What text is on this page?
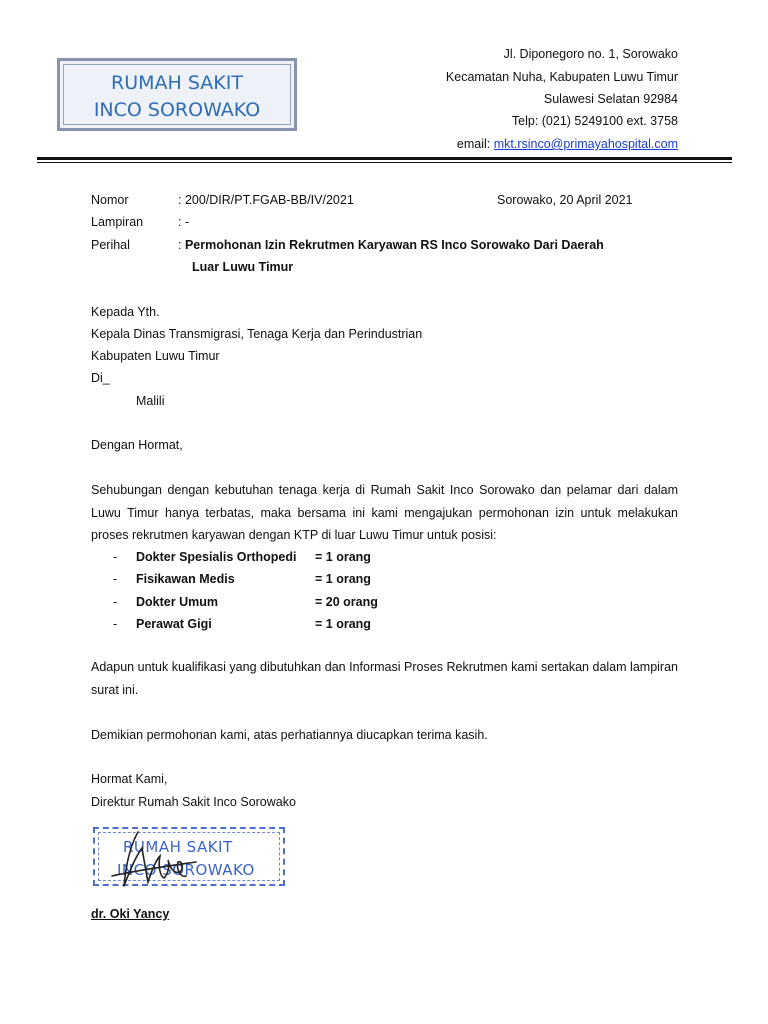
RUMAH SAKIT
INCO SOROWAKO
Jl. Diponegoro no. 1, Sorowako
Kecamatan Nuha, Kabupaten Luwu Timur
Sulawesi Selatan 92984
Telp: (021) 5249100 ext. 3758
email: mkt.rsinco@primayahospital.com
Nomor	: 200/DIR/PT.FGAB-BB/IV/2021	Sorowako, 20 April 2021
Lampiran	: -
Perihal	: Permohonan Izin Rekrutmen Karyawan RS Inco Sorowako Dari Daerah
Luar Luwu Timur
Kepada Yth.
Kepala Dinas Transmigrasi, Tenaga Kerja dan Perindustrian
Kabupaten Luwu Timur
Di_
Malili
Dengan Hormat,
Sehubungan dengan kebutuhan tenaga kerja di Rumah Sakit Inco Sorowako dan pelamar dari dalam Luwu Timur hanya terbatas, maka bersama ini kami mengajukan permohonan izin untuk melakukan proses rekrutmen karyawan dengan KTP di luar Luwu Timur untuk posisi:
- Dokter Spesialis Orthopedi = 1 orang
- Fisikawan Medis	= 1 orang
- Dokter Umum	= 20 orang
- Perawat Gigi	= 1 orang
Adapun untuk kualifikasi yang dibutuhkan dan Informasi Proses Rekrutmen kami sertakan dalam lampiran surat ini.
Demikian permohonan kami, atas perhatiannya diucapkan terima kasih.
Hormat Kami,
Direktur Rumah Sakit Inco Sorowako
RUMAH SAKIT
INCO SOROWAKO
dr. Oki Yancy
